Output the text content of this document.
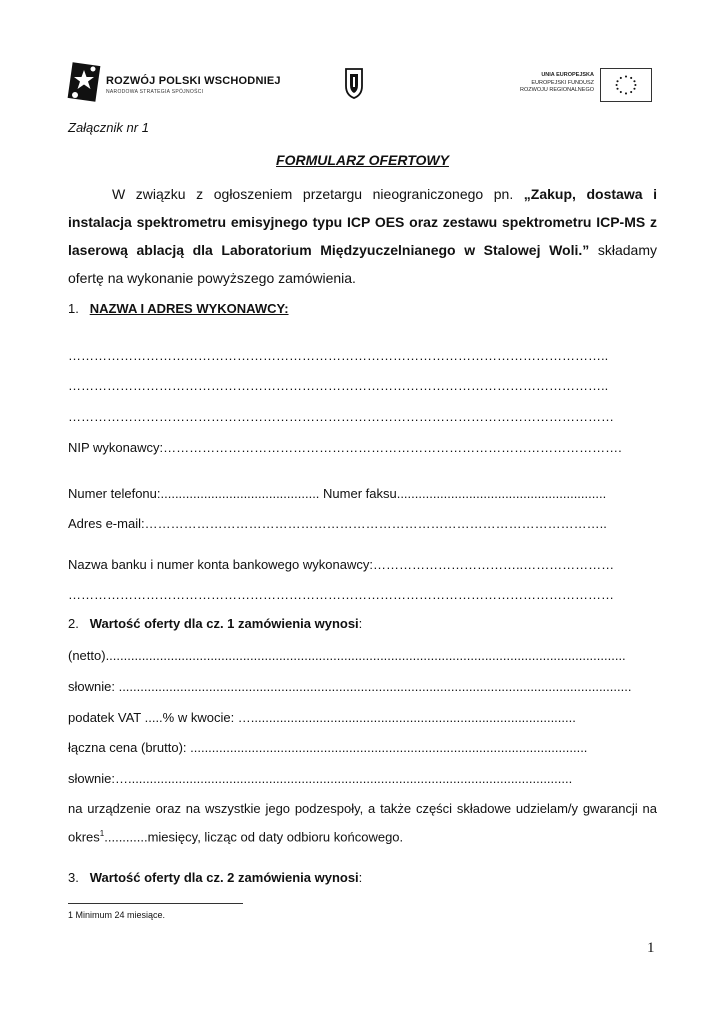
ROZWÓJ POLSKI WSCHODNIEJ
NARODOWA STRATEGIA SPÓJNOŚCI
UNIA EUROPEJSKA
EUROPEJSKI FUNDUSZ
ROZWOJU REGIONALNEGO
Załącznik nr 1
FORMULARZ OFERTOWY
W związku z ogłoszeniem przetargu nieograniczonego pn. „Zakup, dostawa i instalacja spektrometru emisyjnego typu ICP OES oraz zestawu spektrometru ICP-MS z laserową ablacją dla Laboratorium Międzyuczelnianego w Stalowej Woli.” składamy ofertę na wykonanie powyższego zamówienia.
1. NAZWA I ADRES WYKONAWCY:
……………………………………………………………………………………………………………..
……………………………………………………………………………………………………………..
………………………………………………………………………………………………………………
NIP wykonawcy:…………………………………………………………………………………………….
Numer telefonu:............................................ Numer faksu..........................................................
Adres e-mail:……………………………………………………………………………………………..
Nazwa banku i numer konta bankowego wykonawcy:……………………………..…………………
………………………………………………………………………………………………………………
2. Wartość oferty dla cz. 1 zamówienia wynosi:
(netto)................................................................................................................................................
słownie: ..............................................................................................................................................
podatek VAT .....% w kwocie: …..........................................................................................
łączna cena (brutto): ..............................................................................................................
słownie:…...........................................................................................................................
na urządzenie oraz na wszystkie jego podzespoły, a także części składowe udzielam/y gwarancji na okres$^1$............miesięcy, licząc od daty odbioru końcowego.
3. Wartość oferty dla cz. 2 zamówienia wynosi:
1 Minimum 24 miesiące.
1
